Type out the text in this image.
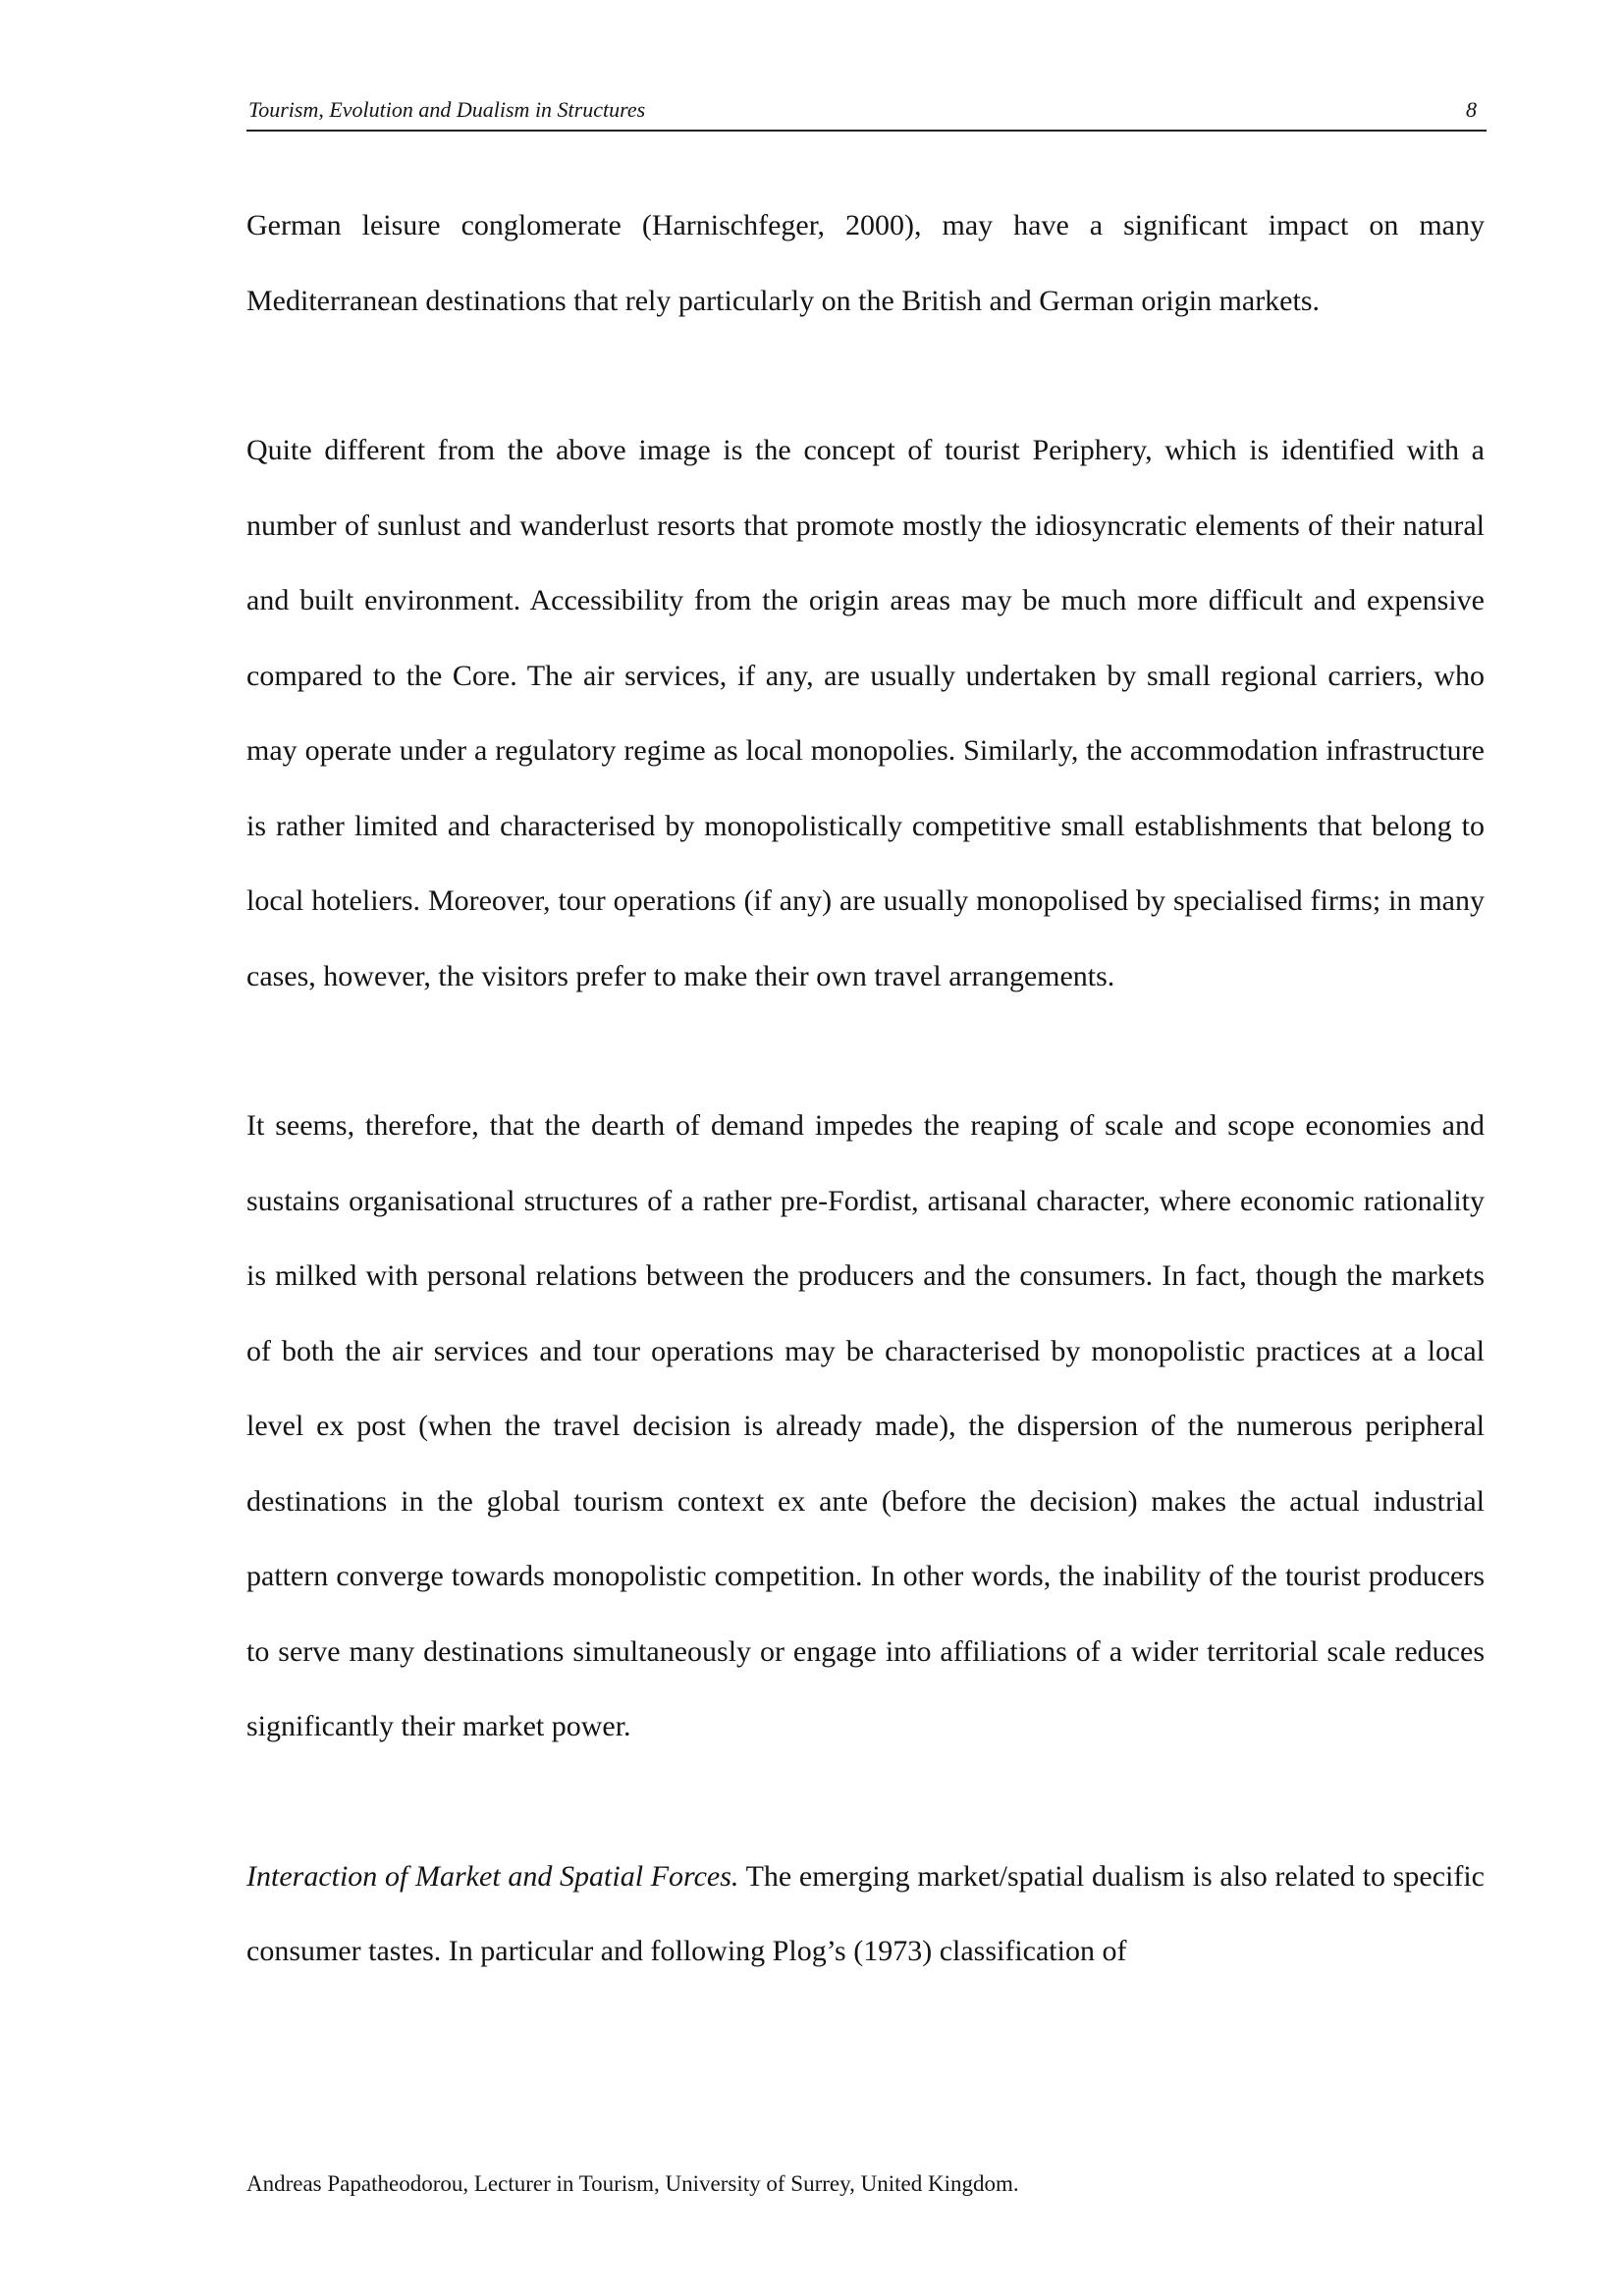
Tourism, Evolution and Dualism in Structures	8

German leisure conglomerate (Harnischfeger, 2000), may have a significant impact on many Mediterranean destinations that rely particularly on the British and German origin markets.

Quite different from the above image is the concept of tourist Periphery, which is identified with a number of sunlust and wanderlust resorts that promote mostly the idiosyncratic elements of their natural and built environment. Accessibility from the origin areas may be much more difficult and expensive compared to the Core. The air services, if any, are usually undertaken by small regional carriers, who may operate under a regulatory regime as local monopolies. Similarly, the accommodation infrastructure is rather limited and characterised by monopolistically competitive small establishments that belong to local hoteliers. Moreover, tour operations (if any) are usually monopolised by specialised firms; in many cases, however, the visitors prefer to make their own travel arrangements.

It seems, therefore, that the dearth of demand impedes the reaping of scale and scope economies and sustains organisational structures of a rather pre-Fordist, artisanal character, where economic rationality is milked with personal relations between the producers and the consumers. In fact, though the markets of both the air services and tour operations may be characterised by monopolistic practices at a local level ex post (when the travel decision is already made), the dispersion of the numerous peripheral destinations in the global tourism context ex ante (before the decision) makes the actual industrial pattern converge towards monopolistic competition. In other words, the inability of the tourist producers to serve many destinations simultaneously or engage into affiliations of a wider territorial scale reduces significantly their market power.

Interaction of Market and Spatial Forces. The emerging market/spatial dualism is also related to specific consumer tastes. In particular and following Plog’s (1973) classification of

Andreas Papatheodorou, Lecturer in Tourism, University of Surrey, United Kingdom.
